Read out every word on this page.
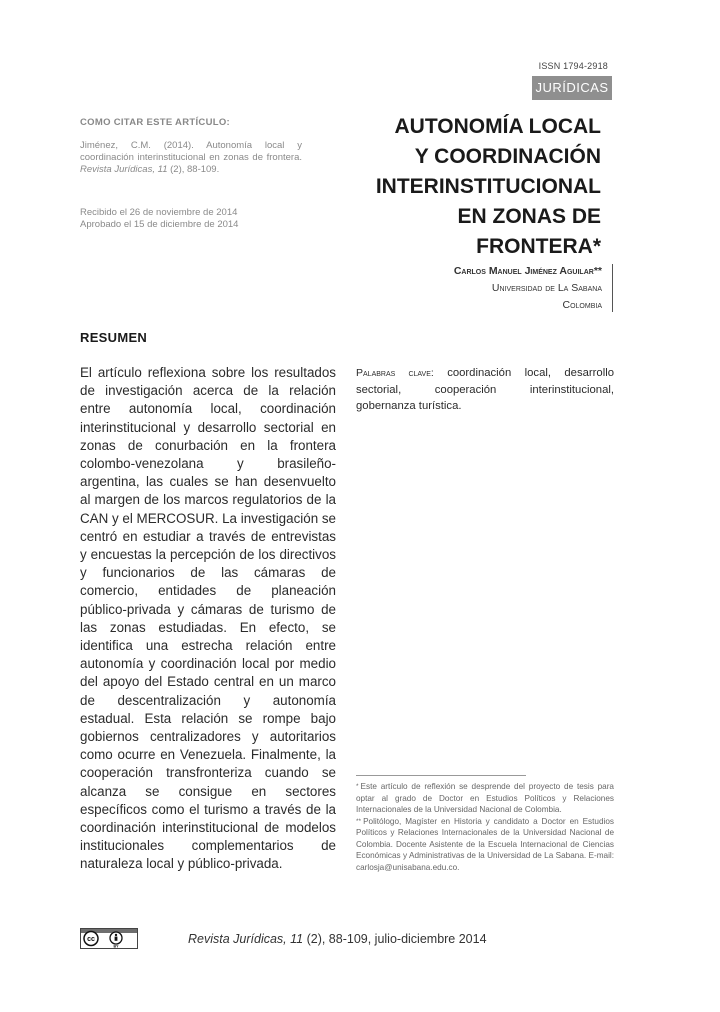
ISSN 1794-2918
JURÍDICAS
COMO CITAR ESTE ARTÍCULO:
Jiménez, C.M. (2014). Autonomía local y coordinación interinstitucional en zonas de frontera. Revista Jurídicas, 11 (2), 88-109.
Recibido el 26 de noviembre de 2014
Aprobado el 15 de diciembre de 2014
AUTONOMÍA LOCAL
Y COORDINACIÓN
INTERINSTITUCIONAL
EN ZONAS DE
FRONTERA*
Carlos Manuel Jiménez Aguilar**
Universidad de La Sabana
Colombia
RESUMEN

El artículo reflexiona sobre los resultados de investigación acerca de la relación entre autonomía local, coordinación interinstitucional y desarrollo sectorial en zonas de conurbación en la frontera colombo-venezolana y brasileño-argentina, las cuales se han desenvuelto al margen de los marcos regulatorios de la CAN y el MERCOSUR. La investigación se centró en estudiar a través de entrevistas y encuestas la percepción de los directivos y funcionarios de las cámaras de comercio, entidades de planeación público-privada y cámaras de turismo de las zonas estudiadas. En efecto, se identifica una estrecha relación entre autonomía y coordinación local por medio del apoyo del Estado central en un marco de descentralización y autonomía estadual. Esta relación se rompe bajo gobiernos centralizadores y autoritarios como ocurre en Venezuela. Finalmente, la cooperación transfronteriza cuando se alcanza se consigue en sectores específicos como el turismo a través de la coordinación interinstitucional de modelos institucionales complementarios de naturaleza local y público-privada.

Palabras clave: coordinación local, desarrollo sectorial, cooperación interinstitucional, gobernanza turística.

* Este artículo de reflexión se desprende del proyecto de tesis para optar al grado de Doctor en Estudios Políticos y Relaciones Internacionales de la Universidad Nacional de Colombia.

** Politólogo, Magíster en Historia y candidato a Doctor en Estudios Políticos y Relaciones Internacionales de la Universidad Nacional de Colombia. Docente Asistente de la Escuela Internacional de Ciencias Económicas y Administrativas de la Universidad de La Sabana. E-mail: carlosja@unisabana.edu.co.

cc
BY
Revista Jurídicas, 11 (2), 88-109, julio-diciembre 2014
